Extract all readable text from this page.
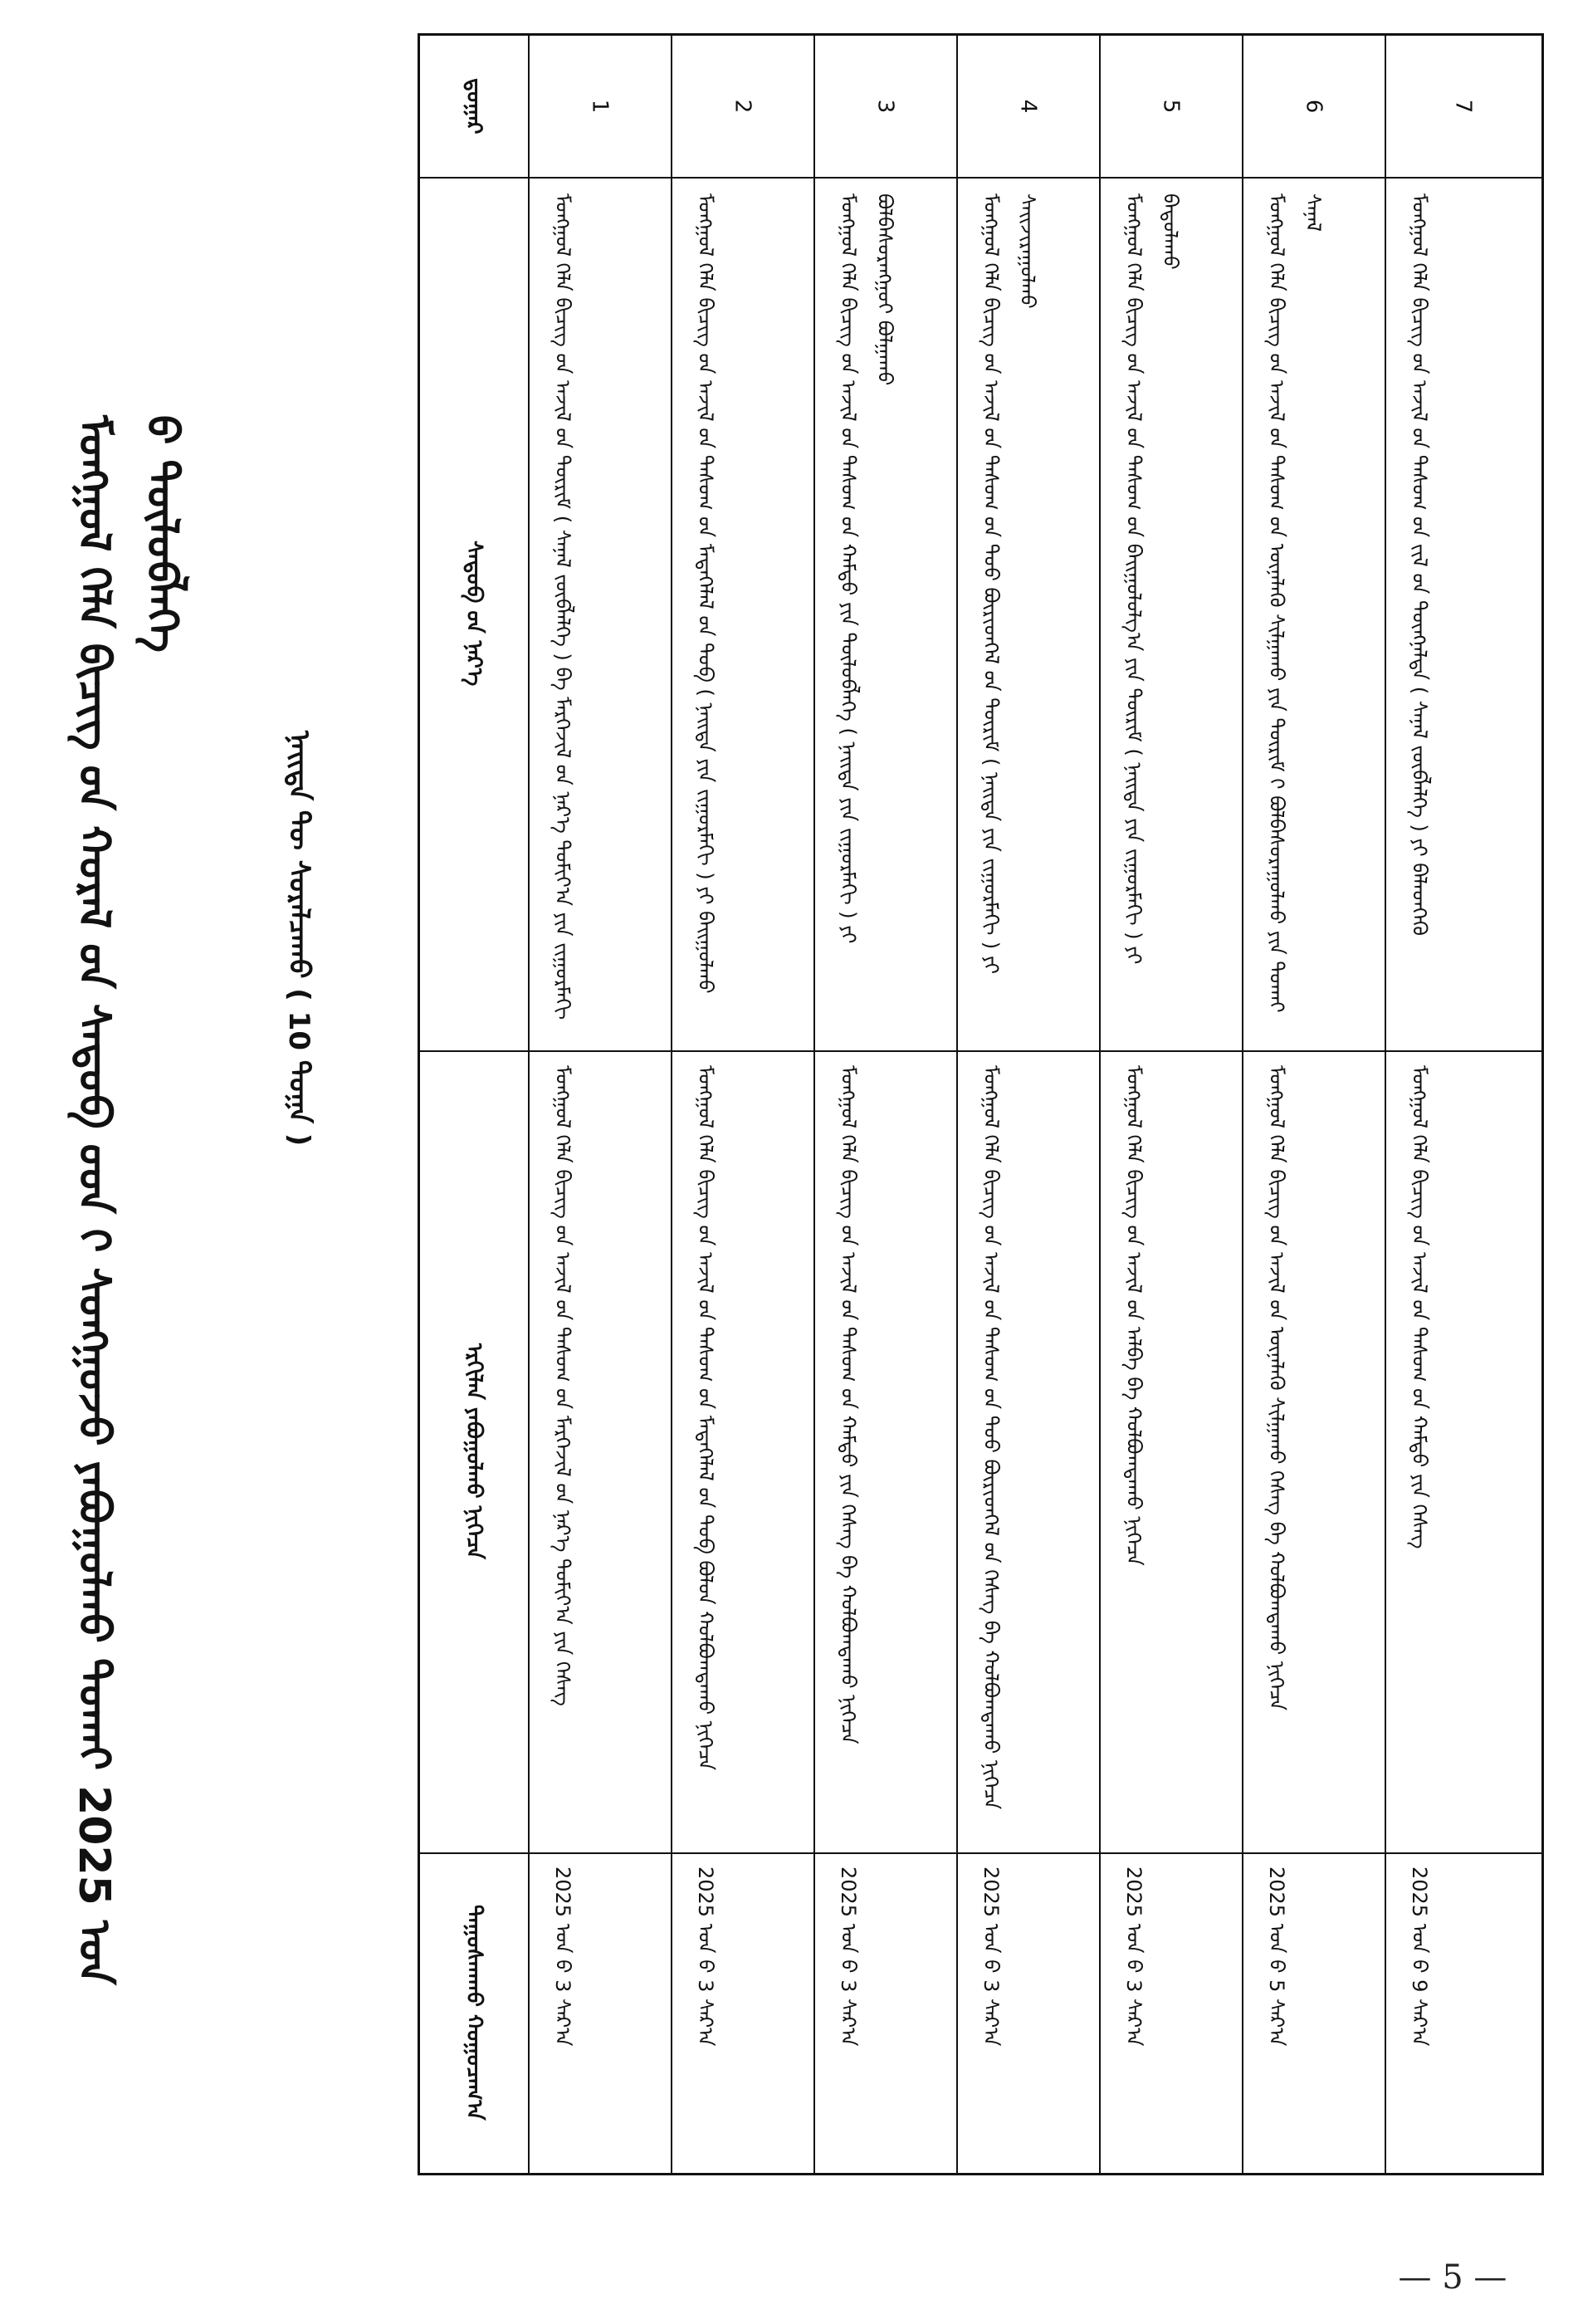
ᠮᠣᠩᠭᠣᠯ ᠬᠡᠯᠡ ᠪᠢᠴᠢᠭ ᠤ᠋ᠨ ᠬᠤᠷᠠᠯ ᠤ᠋ᠨ ᠰᠡᠳᠦᠪ ᠦ᠋ᠳ ᠢ᠋ ᠰᠣᠩᠭᠣᠵᠤ ᠶᠠᠪᠤᠭᠤᠯᠬᠤ ᠲᠤᠬᠠᠢ 2025 ᠣᠨ ᠤ᠋ ᠲᠥᠯᠥᠪᠯᠡᠭᠡ
ᠨᠡᠢᠲᠡ ᠳᠦ᠋ ᠰᠤᠷᠠᠯᠴᠠᠬᠤ ( 10 ᠲᠣᠭᠠ )
ᠳ᠋ᠤᠭᠠᠷ
ᠰᠡᠳᠦᠪ ᠦ᠋ᠨ ᠨᠡᠷ᠎ᠡ
ᠡᠷᠬᠢᠯᠡᠨ ᠶᠠᠪᠤᠭᠤᠯᠬᠤ ᠨᠢᠭᠡᠴᠡ
ᠳᠠᠭᠤᠰᠬᠠᠬᠤ ᠬᠤᠭᠤᠴᠠᠭ᠎ᠠ
1
ᠮᠣᠩᠭᠣᠯ ᠬᠡᠯᠡ ᠪᠢᠴᠢᠭ ᠤ᠋ᠨ ᠠᠵᠢᠯ ᠤ᠋ᠨ ᠳᠦᠷᠢᠮ ( ᠰᠠᠨᠠᠯ ᠵᠥᠪᠯᠡᠯᠭᠡ ) ᠪᠠ ᠮᠡᠷᠭᠡᠵᠢᠯ ᠤ᠋ᠨ ᠨᠡᠷ᠎ᠡ ᠲᠣᠮᠢᠶ᠎ᠠ ᠶᠢᠨ ᠵᠢᠭᠤᠷᠮᠠᠭᠢ
ᠮᠣᠩᠭᠣᠯ ᠬᠡᠯᠡ ᠪᠢᠴᠢᠭ ᠤ᠋ᠨ ᠠᠵᠢᠯ ᠤ᠋ᠨ ᠲᠠᠰᠤᠭ ᠤ᠋ᠨ ᠮᠡᠷᠭᠡᠵᠢᠯ ᠤ᠋ᠨ ᠨᠡᠷ᠎ᠡ ᠲᠣᠮᠢᠶ᠎ᠠ ᠶᠢᠨ ᠬᠡᠰᠡᠭ
2025 ᠣᠨ ᠤ᠋ 3 ᠰᠠᠷ᠎ᠠ
2
ᠮᠣᠩᠭᠣᠯ ᠬᠡᠯᠡ ᠪᠢᠴᠢᠭ ᠤ᠋ᠨ ᠠᠵᠢᠯ ᠤ᠋ᠨ ᠲᠠᠰᠤᠭ ᠤ᠋ᠨ ᠮᠡᠳᠡᠭᠡᠯᠡᠯ ᠦ᠋ᠨ ᠲᠣᠪ ( ᠨᠡᠢᠲᠡ ᠶᠢᠨ ᠵᠢᠭᠤᠷᠮᠠᠭᠢ ) ᠶᠢ ᠪᠠᠢᠭᠤᠯᠬᠤ
ᠮᠣᠩᠭᠣᠯ ᠬᠡᠯᠡ ᠪᠢᠴᠢᠭ ᠤ᠋ᠨ ᠠᠵᠢᠯ ᠤ᠋ᠨ ᠲᠠᠰᠤᠭ ᠤ᠋ᠨ ᠮᠡᠳᠡᠭᠡᠯᠡᠯ ᠦ᠋ᠨ ᠲᠣᠪ ᠪᠣᠯᠤᠨ ᠬᠣᠯᠪᠣᠭᠳᠠᠬᠤ ᠨᠢᠭᠡᠴᠡ
2025 ᠣᠨ ᠤ᠋ 3 ᠰᠠᠷ᠎ᠠ
3
ᠮᠣᠩᠭᠣᠯ ᠬᠡᠯᠡ ᠪᠢᠴᠢᠭ ᠤ᠋ᠨ ᠠᠵᠢᠯ ᠤ᠋ᠨ ᠲᠠᠰᠤᠭ ᠤ᠋ᠨ ᠬᠠᠮᠲᠤ ᠶᠢᠨ ᠲᠥᠯᠥᠪᠯᠡᠭᠡ ( ᠨᠡᠢᠲᠡ ᠶᠢᠨ ᠵᠢᠭᠤᠷᠮᠠᠭᠢ ) ᠶᠢ ᠪᠣᠯᠪᠠᠰᠤᠷᠠᠩᠭᠤᠢ ᠪᠣᠯᠭᠠᠬᠤ
ᠮᠣᠩᠭᠣᠯ ᠬᠡᠯᠡ ᠪᠢᠴᠢᠭ ᠤ᠋ᠨ ᠠᠵᠢᠯ ᠤ᠋ᠨ ᠲᠠᠰᠤᠭ ᠤ᠋ᠨ ᠬᠠᠮᠲᠤ ᠶᠢᠨ ᠬᠡᠰᠡᠭ ᠪᠠ ᠬᠣᠯᠪᠣᠭᠳᠠᠬᠤ ᠨᠢᠭᠡᠴᠡ
2025 ᠣᠨ ᠤ᠋ 3 ᠰᠠᠷ᠎ᠠ
4
ᠮᠣᠩᠭᠣᠯ ᠬᠡᠯᠡ ᠪᠢᠴᠢᠭ ᠤ᠋ᠨ ᠠᠵᠢᠯ ᠤ᠋ᠨ ᠲᠠᠰᠤᠭ ᠤ᠋ᠨ ᠲᠣᠣ ᠪᠦᠷᠢᠳᠬᠡᠯ ᠦ᠋ᠨ ᠳᠦᠷᠢᠮ ( ᠨᠡᠢᠲᠡ ᠶᠢᠨ ᠵᠢᠭᠤᠷᠮᠠᠭᠢ ) ᠶᠢ ᠰᠠᠢᠵᠢᠷᠠᠭᠤᠯᠬᠤ
ᠮᠣᠩᠭᠣᠯ ᠬᠡᠯᠡ ᠪᠢᠴᠢᠭ ᠤ᠋ᠨ ᠠᠵᠢᠯ ᠤ᠋ᠨ ᠲᠠᠰᠤᠭ ᠤ᠋ᠨ ᠲᠣᠣ ᠪᠦᠷᠢᠳᠬᠡᠯ ᠦ᠋ᠨ ᠬᠡᠰᠡᠭ ᠪᠠ ᠬᠣᠯᠪᠣᠭᠳᠠᠬᠤ ᠨᠢᠭᠡᠴᠡ
2025 ᠣᠨ ᠤ᠋ 3 ᠰᠠᠷ᠎ᠠ
5
ᠮᠣᠩᠭᠣᠯ ᠬᠡᠯᠡ ᠪᠢᠴᠢᠭ ᠤ᠋ᠨ ᠠᠵᠢᠯ ᠤ᠋ᠨ ᠲᠠᠰᠤᠭ ᠤ᠋ᠨ ᠪᠠᠢᠭᠤᠯᠤᠯᠭ᠎ᠠ ᠶᠢᠨ ᠳᠦᠷᠢᠮ ( ᠨᠡᠢᠲᠡ ᠶᠢᠨ ᠵᠢᠭᠤᠷᠮᠠᠭᠢ ) ᠶᠢ ᠪᠠᠲᠤᠯᠠᠬᠤ
ᠮᠣᠩᠭᠣᠯ ᠬᠡᠯᠡ ᠪᠢᠴᠢᠭ ᠤ᠋ᠨ ᠠᠵᠢᠯ ᠤ᠋ᠨ ᠠᠯᠪᠠ ᠪᠠ ᠬᠣᠯᠪᠣᠭᠳᠠᠬᠤ ᠨᠢᠭᠡᠴᠡ
2025 ᠣᠨ ᠤ᠋ 3 ᠰᠠᠷ᠎ᠠ
6
ᠮᠣᠩᠭᠣᠯ ᠬᠡᠯᠡ ᠪᠢᠴᠢᠭ ᠤ᠋ᠨ ᠠᠵᠢᠯ ᠤ᠋ᠨ ᠲᠠᠰᠤᠭ ᠤ᠋ᠨ ᠦᠨᠡᠯᠡᠬᠦ ᠰᠢᠯᠭᠠᠬᠤ ᠶᠢᠨ ᠳᠦᠷᠢᠮ ᠢ᠋ ᠪᠤᠯᠪᠠᠰᠤᠷᠠᠭᠤᠯᠬᠤ ᠶᠢᠨ ᠲᠤᠬᠠᠢ ᠰᠠᠨᠠᠯ
ᠮᠣᠩᠭᠣᠯ ᠬᠡᠯᠡ ᠪᠢᠴᠢᠭ ᠤ᠋ᠨ ᠠᠵᠢᠯ ᠤ᠋ᠨ ᠦᠨᠡᠯᠡᠬᠦ ᠰᠢᠯᠭᠠᠬᠤ ᠬᠡᠰᠡᠭ ᠪᠠ ᠬᠣᠯᠪᠣᠭᠳᠠᠬᠤ ᠨᠢᠭᠡᠴᠡ
2025 ᠣᠨ ᠤ᠋ 5 ᠰᠠᠷ᠎ᠠ
7
ᠮᠣᠩᠭᠣᠯ ᠬᠡᠯᠡ ᠪᠢᠴᠢᠭ ᠤ᠋ᠨ ᠠᠵᠢᠯ ᠤ᠋ᠨ ᠲᠠᠰᠤᠭ ᠤ᠋ᠨ ᠵᠢᠯ ᠦ᠋ᠨ ᠳᠦᠩᠨᠡᠯᠲᠡ ( ᠰᠠᠨᠠᠯ ᠵᠥᠪᠯᠡᠯᠭᠡ ) ᠶᠢ ᠪᠡᠯᠡᠳᠬᠡᠬᠦ
ᠮᠣᠩᠭᠣᠯ ᠬᠡᠯᠡ ᠪᠢᠴᠢᠭ ᠤ᠋ᠨ ᠠᠵᠢᠯ ᠤ᠋ᠨ ᠲᠠᠰᠤᠭ ᠤ᠋ᠨ ᠬᠠᠮᠲᠤ ᠶᠢᠨ ᠬᠡᠰᠡᠭ
2025 ᠣᠨ ᠤ᠋ 9 ᠰᠠᠷ᠎ᠠ
— 5 —
